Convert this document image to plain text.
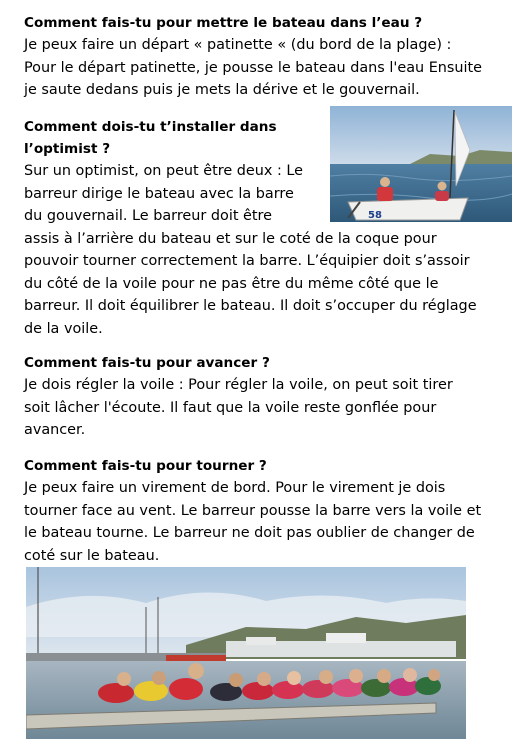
Comment fais-tu pour mettre le bateau dans l’eau ?

Je peux faire un départ « patinette « (du bord de la plage) :
Pour le départ patinette, je pousse le bateau dans l'eau Ensuite
je saute dedans puis je mets la dérive et le gouvernail.

Comment dois-tu t’installer dans
l’optimist ?

Sur un optimist, on peut être deux : Le
barreur dirige le bateau avec la barre
du gouvernail. Le barreur doit être
assis à l’arrière du bateau et sur le coté de la coque pour
pouvoir tourner correctement la barre. L’équipier doit s’assoir
du côté de la voile pour ne pas être du même côté que le
barreur. Il doit équilibrer le bateau. Il doit s’occuper du réglage
de la voile.

58
Comment fais-tu pour avancer ?

Je dois régler la voile : Pour régler la voile, on peut soit tirer
soit lâcher l'écoute. Il faut que la voile reste gonflée pour
avancer.

Comment fais-tu pour tourner ?

Je peux faire un virement de bord. Pour le virement je dois
tourner face au vent. Le barreur pousse la barre vers la voile et
le bateau tourne. Le barreur ne doit pas oublier de changer de
coté sur le bateau.
